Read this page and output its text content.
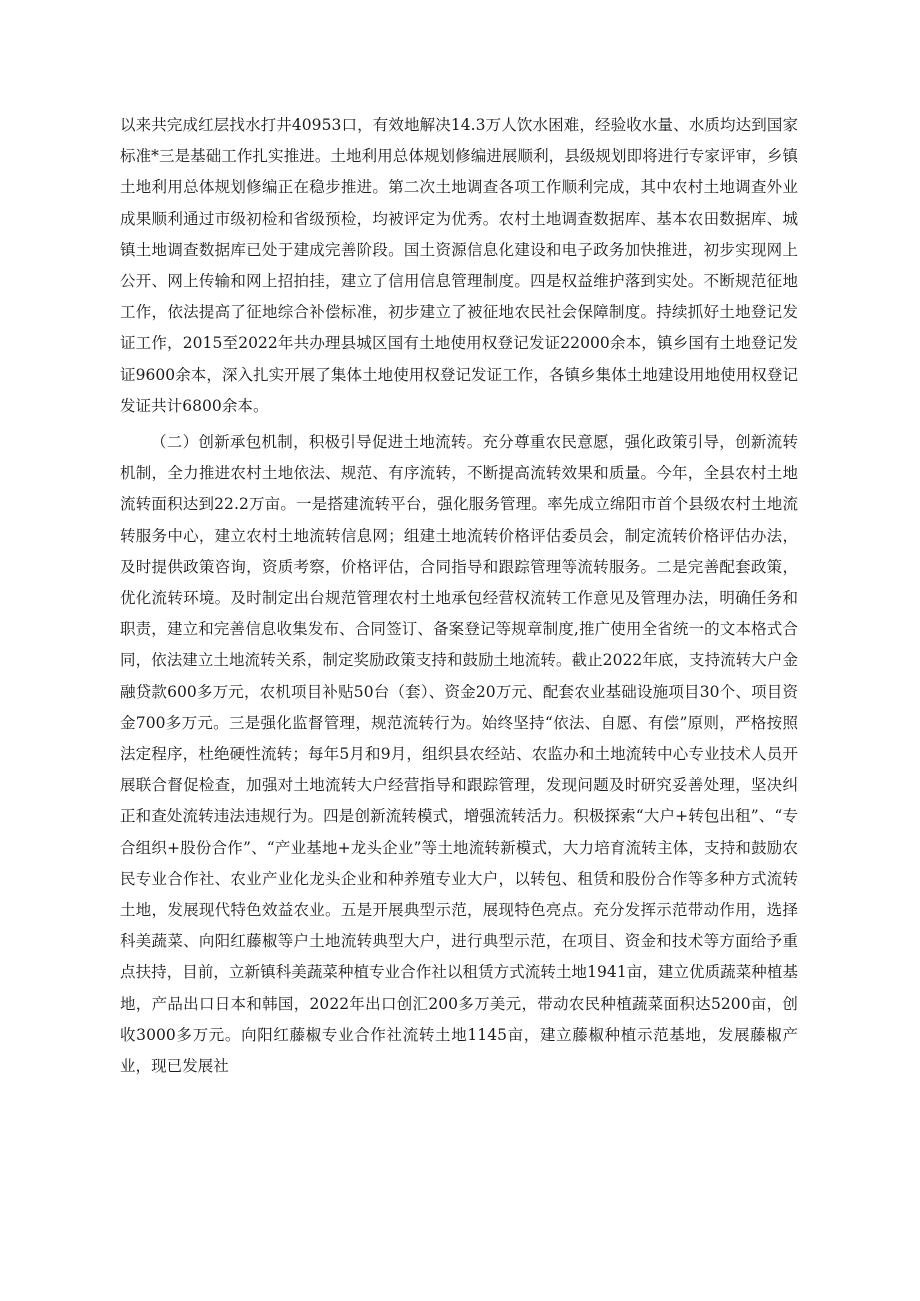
以来共完成红层找水打井40953口，有效地解决14.3万人饮水困难，经验收水量、水质均达到国家标准*三是基础工作扎实推进。土地利用总体规划修编进展顺利，县级规划即将进行专家评审，乡镇土地利用总体规划修编正在稳步推进。第二次土地调查各项工作顺利完成，其中农村土地调查外业成果顺利通过市级初检和省级预检，均被评定为优秀。农村土地调查数据库、基本农田数据库、城镇土地调查数据库已处于建成完善阶段。国土资源信息化建设和电子政务加快推进，初步实现网上公开、网上传输和网上招拍挂，建立了信用信息管理制度。四是权益维护落到实处。不断规范征地工作，依法提高了征地综合补偿标准，初步建立了被征地农民社会保障制度。持续抓好土地登记发证工作，2015至2022年共办理县城区国有土地使用权登记发证22000余本，镇乡国有土地登记发证9600余本，深入扎实开展了集体土地使用权登记发证工作，各镇乡集体土地建设用地使用权登记发证共计6800余本。

（二）创新承包机制，积极引导促进土地流转。充分尊重农民意愿，强化政策引导，创新流转机制，全力推进农村土地依法、规范、有序流转，不断提高流转效果和质量。今年，全县农村土地流转面积达到22.2万亩。一是搭建流转平台，强化服务管理。率先成立绵阳市首个县级农村土地流转服务中心，建立农村土地流转信息网；组建土地流转价格评估委员会，制定流转价格评估办法，及时提供政策咨询，资质考察，价格评估，合同指导和跟踪管理等流转服务。二是完善配套政策，优化流转环境。及时制定出台规范管理农村土地承包经营权流转工作意见及管理办法，明确任务和职责，建立和完善信息收集发布、合同签订、备案登记等规章制度,推广使用全省统一的文本格式合同，依法建立土地流转关系，制定奖励政策支持和鼓励土地流转。截止2022年底，支持流转大户金融贷款600多万元，农机项目补贴50台（套）、资金20万元、配套农业基础设施项目30个、项目资金700多万元。三是强化监督管理，规范流转行为。始终坚持“依法、自愿、有偿”原则，严格按照法定程序，杜绝硬性流转；每年5月和9月，组织县农经站、农监办和土地流转中心专业技术人员开展联合督促检查，加强对土地流转大户经营指导和跟踪管理，发现问题及时研究妥善处理，坚决纠正和查处流转违法违规行为。四是创新流转模式，增强流转活力。积极探索“大户+转包出租”、“专合组织+股份合作”、“产业基地+龙头企业”等土地流转新模式，大力培育流转主体，支持和鼓励农民专业合作社、农业产业化龙头企业和种养殖专业大户，以转包、租赁和股份合作等多种方式流转土地，发展现代特色效益农业。五是开展典型示范，展现特色亮点。充分发挥示范带动作用，选择科美蔬菜、向阳红藤椒等户土地流转典型大户，进行典型示范，在项目、资金和技术等方面给予重点扶持，目前，立新镇科美蔬菜种植专业合作社以租赁方式流转土地1941亩，建立优质蔬菜种植基地，产品出口日本和韩国，2022年出口创汇200多万美元，带动农民种植蔬菜面积达5200亩，创收3000多万元。向阳红藤椒专业合作社流转土地1145亩，建立藤椒种植示范基地，发展藤椒产业，现已发展社
